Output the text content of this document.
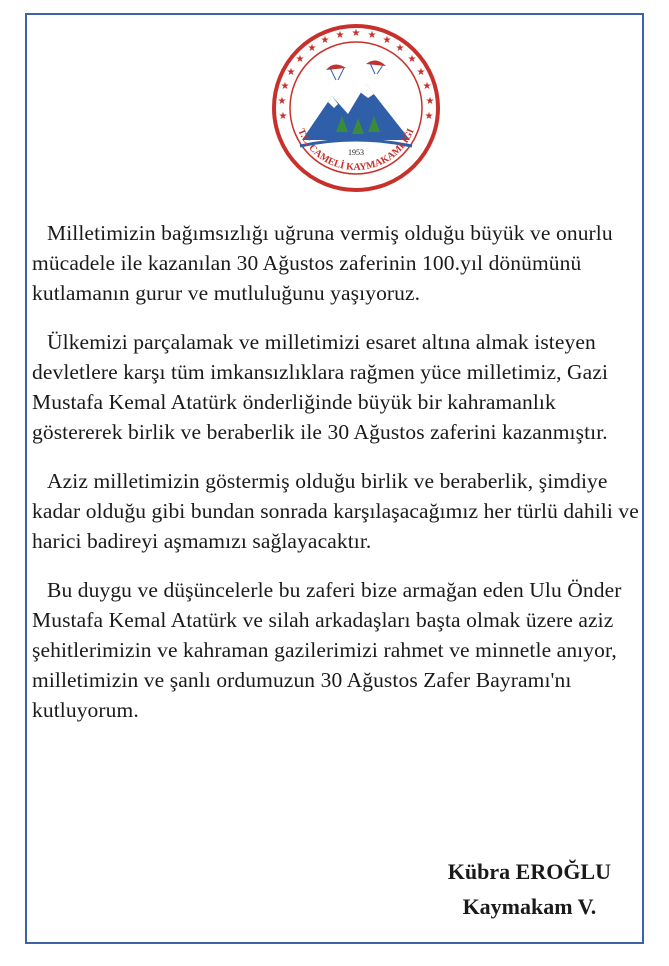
★
★ ★
★	★
★	★
★	★
★	★
★	★
★	★
★	★
1953
T.C. CAMELİ KAYMAKAMLIĞI

Milletimizin bağımsızlığı uğruna vermiş olduğu büyük ve onurlu mücadele ile kazanılan 30 Ağustos zaferinin 100.yıl dönümünü kutlamanın gurur ve mutluluğunu yaşıyoruz.

Ülkemizi parçalamak ve milletimizi esaret altına almak isteyen devletlere karşı tüm imkansızlıklara rağmen yüce milletimiz, Gazi Mustafa Kemal Atatürk önderliğinde büyük bir kahramanlık göstererek birlik ve beraberlik ile 30 Ağustos zaferini kazanmıştır.

Aziz milletimizin göstermiş olduğu birlik ve beraberlik, şimdiye kadar olduğu gibi bundan sonrada karşılaşacağımız her türlü dahili ve harici badireyi aşmamızı sağlayacaktır.

Bu duygu ve düşüncelerle bu zaferi bize armağan eden Ulu Önder Mustafa Kemal Atatürk ve silah arkadaşları başta olmak üzere aziz şehitlerimizin ve kahraman gazilerimizi rahmet ve minnetle anıyor, milletimizin ve şanlı ordumuzun 30 Ağustos Zafer Bayramı'nı kutluyorum.

Kübra EROĞLU
Kaymakam V.
